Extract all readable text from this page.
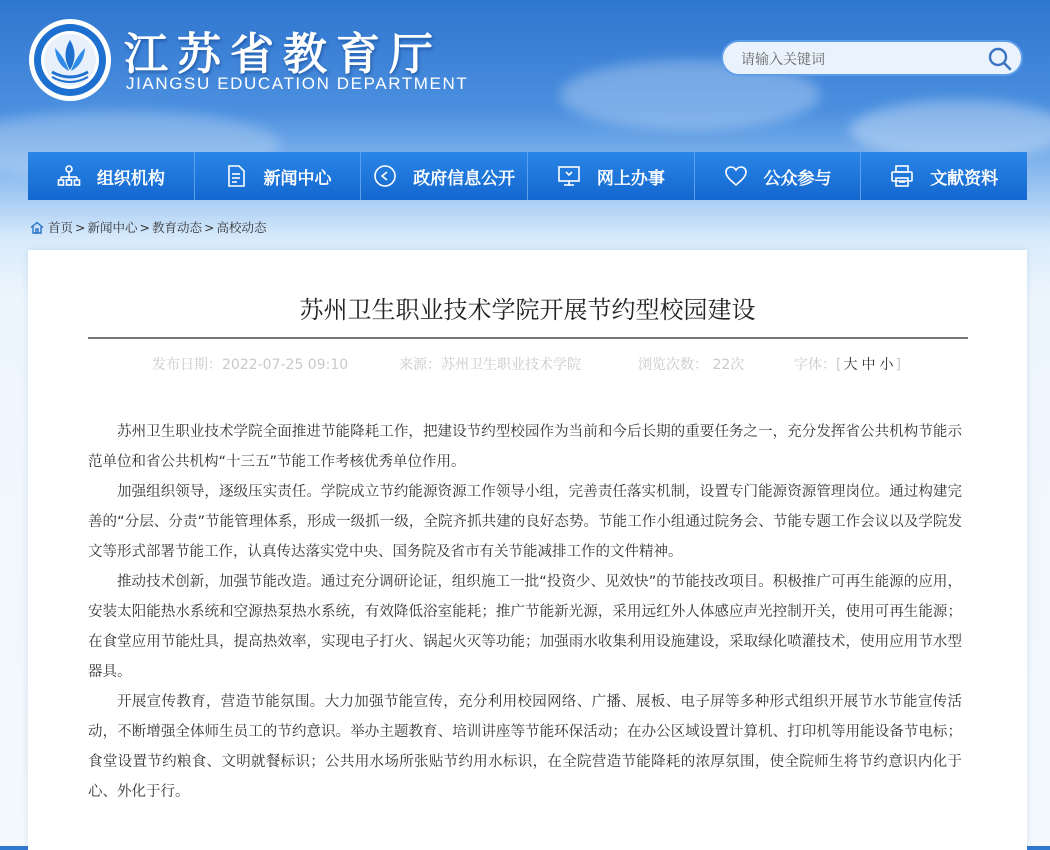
江苏省教育厅
JIANGSU EDUCATION DEPARTMENT
请输入关键词
组织机构	新闻中心	政府信息公开	网上办事	公众参与	文献资料
首页 > 新闻中心 > 教育动态 > 高校动态
苏州卫生职业技术学院开展节约型校园建设
发布日期：2022-07-25 09:10	来源：苏州卫生职业技术学院	浏览次数： 22次	字体：[ 大 中 小 ]

苏州卫生职业技术学院全面推进节能降耗工作，把建设节约型校园作为当前和今后长期的重要任务之一，充分发挥省公共机构节能示范单位和省公共机构“十三五”节能工作考核优秀单位作用。

加强组织领导，逐级压实责任。学院成立节约能源资源工作领导小组，完善责任落实机制，设置专门能源资源管理岗位。通过构建完善的“分层、分责”节能管理体系，形成一级抓一级，全院齐抓共建的良好态势。节能工作小组通过院务会、节能专题工作会议以及学院发文等形式部署节能工作，认真传达落实党中央、国务院及省市有关节能减排工作的文件精神。

推动技术创新，加强节能改造。通过充分调研论证，组织施工一批“投资少、见效快”的节能技改项目。积极推广可再生能源的应用，安装太阳能热水系统和空源热泵热水系统，有效降低浴室能耗；推广节能新光源，采用远红外人体感应声光控制开关，使用可再生能源；在食堂应用节能灶具，提高热效率，实现电子打火、锅起火灭等功能；加强雨水收集利用设施建设，采取绿化喷灌技术，使用应用节水型器具。

开展宣传教育，营造节能氛围。大力加强节能宣传，充分利用校园网络、广播、展板、电子屏等多种形式组织开展节水节能宣传活动，不断增强全体师生员工的节约意识。举办主题教育、培训讲座等节能环保活动；在办公区域设置计算机、打印机等用能设备节电标；食堂设置节约粮食、文明就餐标识；公共用水场所张贴节约用水标识，在全院营造节能降耗的浓厚氛围，使全院师生将节约意识内化于心、外化于行。
